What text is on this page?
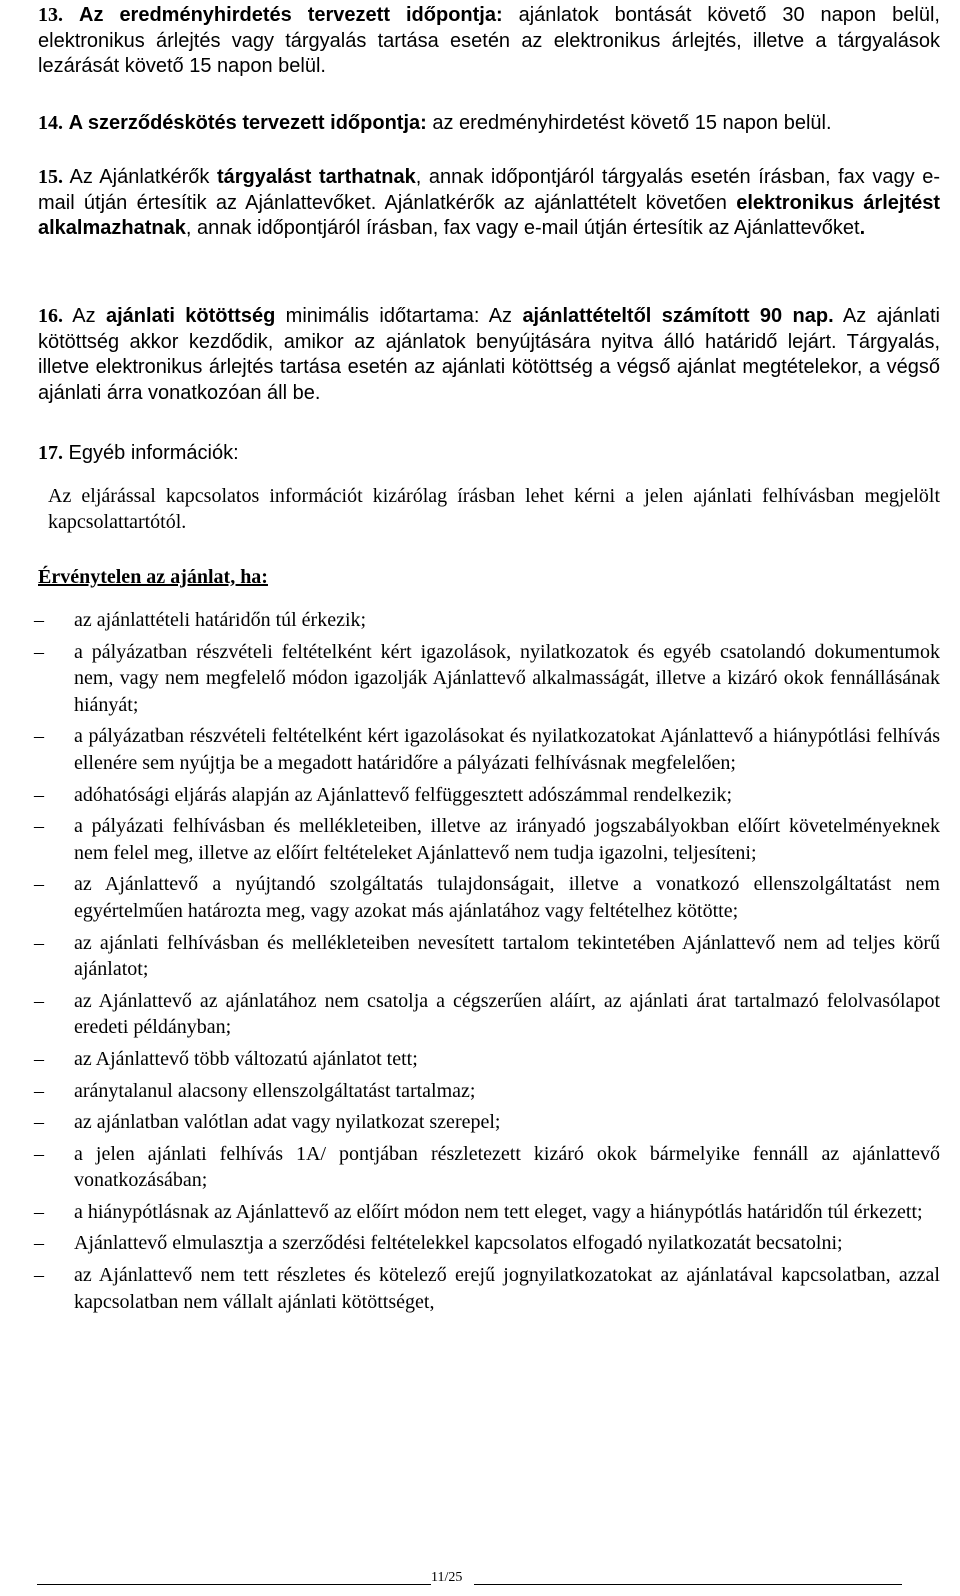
13. Az eredményhirdetés tervezett időpontja: ajánlatok bontását követő 30 napon belül, elektronikus árlejtés vagy tárgyalás tartása esetén az elektronikus árlejtés, illetve a tárgyalások lezárását követő 15 napon belül.

14. A szerződéskötés tervezett időpontja: az eredményhirdetést követő 15 napon belül.

15. Az Ajánlatkérők tárgyalást tarthatnak, annak időpontjáról tárgyalás esetén írásban, fax vagy e-mail útján értesítik az Ajánlattevőket. Ajánlatkérők az ajánlattételt követően elektronikus árlejtést alkalmazhatnak, annak időpontjáról írásban, fax vagy e-mail útján értesítik az Ajánlattevőket.

16. Az ajánlati kötöttség minimális időtartama: Az ajánlattételtől számított 90 nap. Az ajánlati kötöttség akkor kezdődik, amikor az ajánlatok benyújtására nyitva álló határidő lejárt. Tárgyalás, illetve elektronikus árlejtés tartása esetén az ajánlati kötöttség a végső ajánlat megtételekor, a végső ajánlati árra vonatkozóan áll be.

17. Egyéb információk:

Az eljárással kapcsolatos információt kizárólag írásban lehet kérni a jelen ajánlati felhívásban megjelölt kapcsolattartótól.
Érvénytelen az ajánlat, ha:
–	az ajánlattételi határidőn túl érkezik;
–	a pályázatban részvételi feltételként kért igazolások, nyilatkozatok és egyéb csatolandó dokumentumok nem, vagy nem megfelelő módon igazolják Ajánlattevő alkalmasságát, illetve a kizáró okok fennállásának hiányát;
–	a pályázatban részvételi feltételként kért igazolásokat és nyilatkozatokat Ajánlattevő a hiánypótlási felhívás ellenére sem nyújtja be a megadott határidőre a pályázati felhívásnak megfelelően;
–	adóhatósági eljárás alapján az Ajánlattevő felfüggesztett adószámmal rendelkezik;
–	a pályázati felhívásban és mellékleteiben, illetve az irányadó jogszabályokban előírt követelményeknek nem felel meg, illetve az előírt feltételeket Ajánlattevő nem tudja igazolni, teljesíteni;
–	az Ajánlattevő a nyújtandó szolgáltatás tulajdonságait, illetve a vonatkozó ellenszolgáltatást nem egyértelműen határozta meg, vagy azokat más ajánlatához vagy feltételhez kötötte;
–	az ajánlati felhívásban és mellékleteiben nevesített tartalom tekintetében Ajánlattevő nem ad teljes körű ajánlatot;
–	az Ajánlattevő az ajánlatához nem csatolja a cégszerűen aláírt, az ajánlati árat tartalmazó felolvasólapot eredeti példányban;
–	az Ajánlattevő több változatú ajánlatot tett;
–	aránytalanul alacsony ellenszolgáltatást tartalmaz;
–	az ajánlatban valótlan adat vagy nyilatkozat szerepel;
–	a jelen ajánlati felhívás 1A/ pontjában részletezett kizáró okok bármelyike fennáll az ajánlattevő vonatkozásában;
–	a hiánypótlásnak az Ajánlattevő az előírt módon nem tett eleget, vagy a hiánypótlás határidőn túl érkezett;
–	Ajánlattevő elmulasztja a szerződési feltételekkel kapcsolatos elfogadó nyilatkozatát becsatolni;
–	az Ajánlattevő nem tett részletes és kötelező erejű jognyilatkozatokat az ajánlatával kapcsolatban, azzal kapcsolatban nem vállalt ajánlati kötöttséget,
11/25
